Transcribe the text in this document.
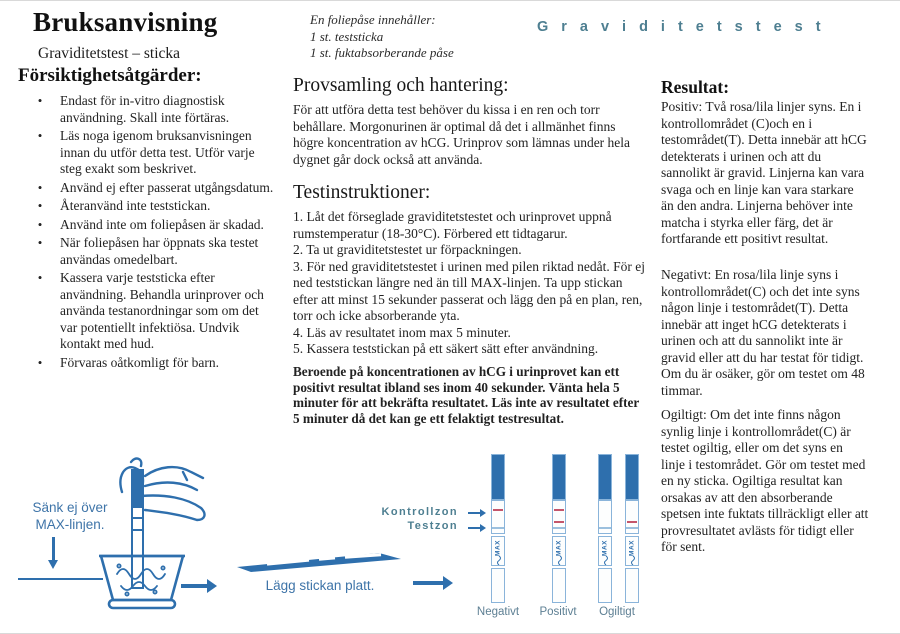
Bruksanvisning
Graviditetstest – sticka
En foliepåse innehåller:
1 st. teststicka
1 st. fuktabsorberande påse
Graviditetstest
Försiktighetsåtgärder:
•	Endast för in-vitro diagnostisk användning. Skall inte förtäras.
•	Läs noga igenom bruksanvisningen innan du utför detta test. Utför varje steg exakt som beskrivet.
•	Använd ej efter passerat utgångsdatum.
•	Återanvänd inte teststickan.
•	Använd inte om foliepåsen är skadad.
•	När foliepåsen har öppnats ska testet användas omedelbart.
•	Kassera varje teststicka efter användning. Behandla urinprover och använda testanordningar som om det var potentiellt infektiösa. Undvik kontakt med hud.
•	Förvaras oåtkomligt för barn.
Provsamling och hantering:
För att utföra detta test behöver du kissa i en ren och torr behållare. Morgonurinen är optimal då det i allmänhet finns högre koncentration av hCG. Urinprov som lämnas under hela dygnet går dock också att använda.
Testinstruktioner:
1. Låt det förseglade graviditetstestet och urinprovet uppnå rumstemperatur (18-30°C). Förbered ett tidtagarur.
2. Ta ut graviditetstestet ur förpackningen.
3. För ned graviditetstestet i urinen med pilen riktad nedåt. För ej ned teststickan längre ned än till MAX-linjen. Ta upp stickan efter att minst 15 sekunder passerat och lägg den på en plan, ren, torr och icke absorberande yta.
4. Läs av resultatet inom max 5 minuter.
5. Kassera teststickan på ett säkert sätt efter användning.
Beroende på koncentrationen av hCG i urinprovet kan ett positivt resultat ibland ses inom 40 sekunder. Vänta hela 5 minuter för att bekräfta resultatet. Läs inte av resultatet efter 5 minuter då det kan ge ett felaktigt testresultat.
Resultat:
Positiv: Två rosa/lila linjer syns. En i kontrollområdet (C)och en i testområdet(T). Detta innebär att hCG detekterats i urinen och att du sannolikt är gravid. Linjerna kan vara svaga och en linje kan vara starkare än den andra. Linjerna behöver inte matcha i styrka eller färg, det är fortfarande ett positivt resultat.
Negativt: En rosa/lila linje syns i kontrollområdet(C) och det inte syns någon linje i testområdet(T). Detta innebär att inget hCG detekterats i urinen och att du sannolikt inte är gravid eller att du har testat för tidigt. Om du är osäker, gör om testet om 48 timmar.
Ogiltigt: Om det inte finns någon synlig linje i kontrollområdet(C) är testet ogiltig, eller om det syns en linje i testområdet. Gör om testet med en ny sticka. Ogiltiga resultat kan orsakas av att den absorberande spetsen inte fuktats tillräckligt eller att provresultatet avlästs för tidigt eller för sent.
Sänk ej över
MAX-linjen.
Lägg stickan platt.
Kontrollzon
Testzon
MAX	MAX	MAX	MAX
Negativt	Positivt	Ogiltigt
